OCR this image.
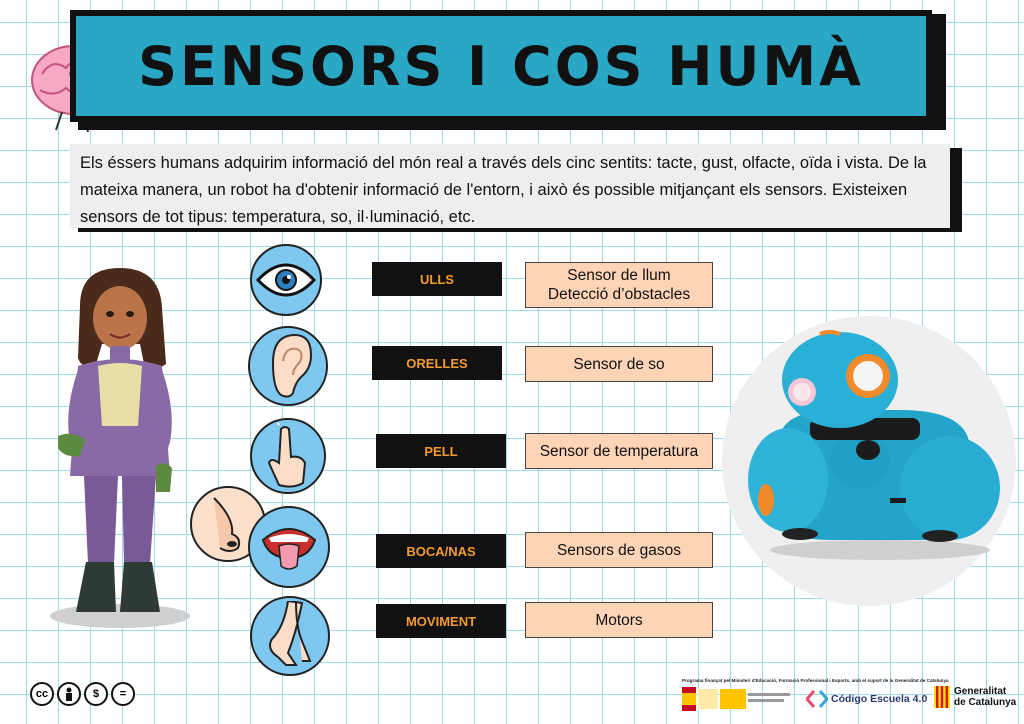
SENSORS I COS HUMÀ
Els éssers humans adquirim informació del món real a través dels cinc sentits: tacte, gust, olfacte, oïda i vista. De la mateixa manera, un robot ha d'obtenir informació de l'entorn, i això és possible mitjançant els sensors. Existeixen sensors de tot tipus: temperatura, so, il·luminació, etc.
ULLS	Sensor de llum
Detecció d’obstacles
ORELLES	Sensor de so
PELL	Sensor de temperatura
BOCA/NAS	Sensors de gasos
MOVIMENT	Motors
cc	$	=
Programa finançat pel Ministeri d'Educació, Formació Professional i Esports, amb el suport de la Generalitat de Catalunya
Código Escuela 4.0
Generalitat
de Catalunya
